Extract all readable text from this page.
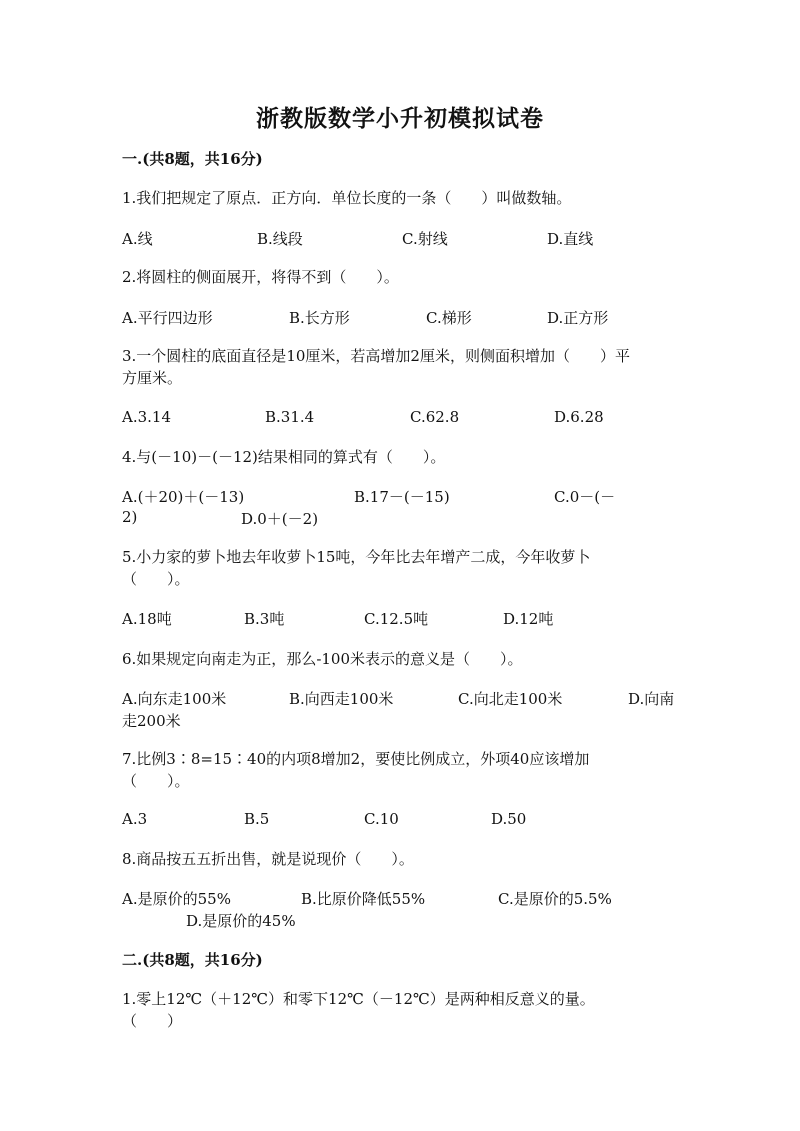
浙教版数学小升初模拟试卷
一.(共8题，共16分)
1.我们把规定了原点．正方向．单位长度的一条（　　）叫做数轴。
A.线	B.线段	C.射线	D.直线
2.将圆柱的侧面展开，将得不到（　　）。
A.平行四边形	B.长方形	C.梯形	D.正方形
3.一个圆柱的底面直径是10厘米，若高增加2厘米，则侧面积增加（　　）平
方厘米。
A.3.14	B.31.4	C.62.8	D.6.28
4.与(－10)－(－12)结果相同的算式有（　　）。
A.(＋20)＋(－13)	B.17－(－15)	C.0－(－
2)	D.0＋(－2)
5.小力家的萝卜地去年收萝卜15吨，今年比去年增产二成，今年收萝卜
（　　）。
A.18吨	B.3吨	C.12.5吨	D.12吨
6.如果规定向南走为正，那么-100米表示的意义是（　　）。
A.向东走100米	B.向西走100米	C.向北走100米	D.向南
走200米
7.比例3∶8=15∶40的内项8增加2，要使比例成立，外项40应该增加
（　　）。
A.3	B.5	C.10	D.50
8.商品按五五折出售，就是说现价（　　）。
A.是原价的55%	B.比原价降低55%	C.是原价的5.5%
D.是原价的45%
二.(共8题，共16分)
1.零上12℃（＋12℃）和零下12℃（－12℃）是两种相反意义的量。
（　　）
